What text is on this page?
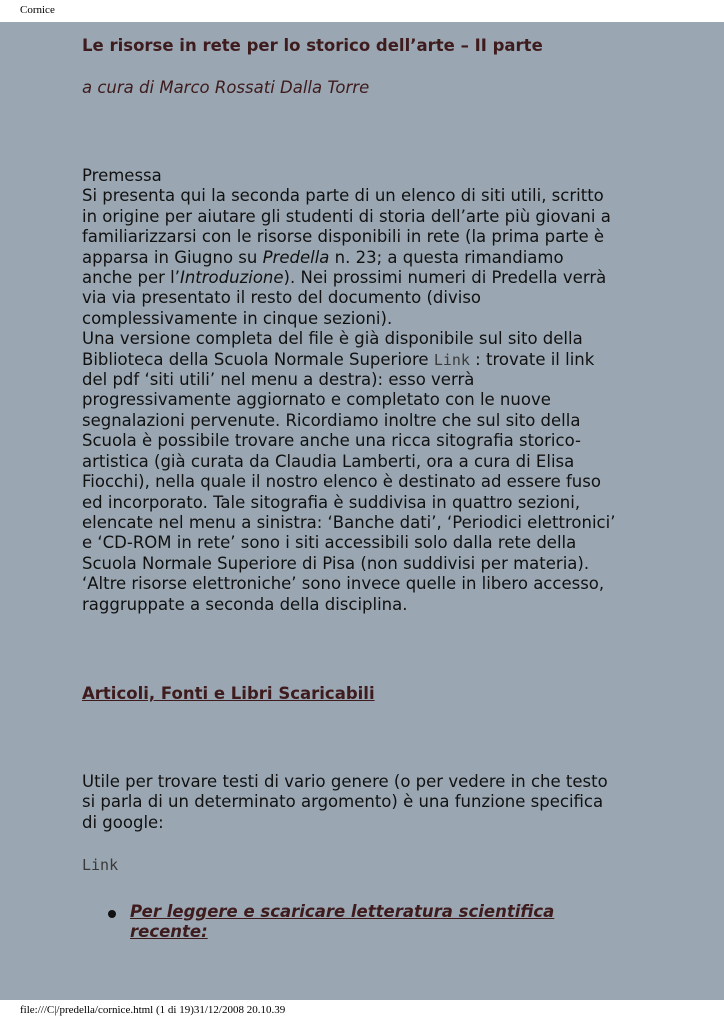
Cornice
Le risorse in rete per lo storico dell’arte – II parte
a cura di Marco Rossati Dalla Torre

Premessa

Si presenta qui la seconda parte di un elenco di siti utili, scritto

in origine per aiutare gli studenti di storia dell’arte più giovani a

familiarizzarsi con le risorse disponibili in rete (la prima parte è

apparsa in Giugno su Predella n. 23; a questa rimandiamo

anche per l’Introduzione). Nei prossimi numeri di Predella verrà

via via presentato il resto del documento (diviso

complessivamente in cinque sezioni).

Una versione completa del file è già disponibile sul sito della

Biblioteca della Scuola Normale Superiore Link : trovate il link

del pdf ‘siti utili’ nel menu a destra): esso verrà

progressivamente aggiornato e completato con le nuove

segnalazioni pervenute. Ricordiamo inoltre che sul sito della

Scuola è possibile trovare anche una ricca sitografia storico-

artistica (già curata da Claudia Lamberti, ora a cura di Elisa

Fiocchi), nella quale il nostro elenco è destinato ad essere fuso

ed incorporato. Tale sitografia è suddivisa in quattro sezioni,

elencate nel menu a sinistra: ‘Banche dati’, ‘Periodici elettronici’

e ‘CD-ROM in rete’ sono i siti accessibili solo dalla rete della

Scuola Normale Superiore di Pisa (non suddivisi per materia).

‘Altre risorse elettroniche’ sono invece quelle in libero accesso,

raggruppate a seconda della disciplina.

Articoli, Fonti e Libri Scaricabili

Utile per trovare testi di vario genere (o per vedere in che testo

si parla di un determinato argomento) è una funzione specifica

di google:

Link

Per leggere e scaricare letteratura scientifica

recente:

file:///C|/predella/cornice.html (1 di 19)31/12/2008 20.10.39
